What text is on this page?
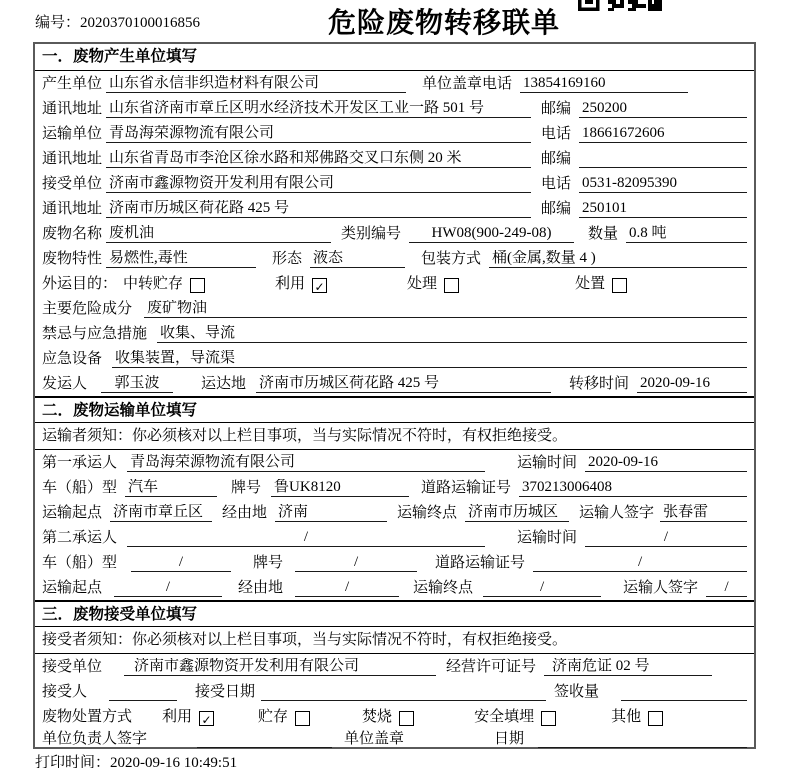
编号：2020370100016856	危险废物转移联单
一．废物产生单位填写
产生单位 山东省永信非织造材料有限公司	单位盖章 电话 13854169160
通讯地址 山东省济南市章丘区明水经济技术开发区工业一路 501 号	邮编 250200
运输单位 青岛海荣源物流有限公司	电话 18661672606
通讯地址 山东省青岛市李沧区徐水路和郑佛路交叉口东侧 20 米	邮编
接受单位 济南市鑫源物资开发利用有限公司	电话 0531-82095390
通讯地址 济南市历城区荷花路 425 号	邮编 250101
废物名称 废机油	类别编号	HW08(900-249-08)	数量 0.8 吨
废物特性 易燃性,毒性	形态 液态	包装方式 桶(金属,数量 4 )
外运目的： 中转贮存	利用 ✓	处理	处置
主要危险成分 废矿物油
禁忌与应急措施 收集、导流
应急设备 收集装置，导流渠
发运人	郭玉波	运达地 济南市历城区荷花路 425 号	转移时间 2020-09-16
二．废物运输单位填写
运输者须知：你必须核对以上栏目事项，当与实际情况不符时，有权拒绝接受。
第一承运人 青岛海荣源物流有限公司	运输时间 2020-09-16
车（船）型 汽车	牌号 鲁UK8120	道路运输证号 370213006408
运输起点 济南市章丘区	经由地 济南	运输终点 济南市历城区	运输人签字 张春雷
第二承运人	/	运输时间	/
车（船）型	/	牌号	/	道路运输证号	/
运输起点	/	经由地	/	运输终点	/	运输人签字	/
三．废物接受单位填写
接受者须知：你必须核对以上栏目事项，当与实际情况不符时，有权拒绝接受。
接受单位	济南市鑫源物资开发利用有限公司	经营许可证号	济南危证 02 号
接受人	接受日期	签收量
废物处置方式 利用 ✓	贮存	焚烧	安全填埋	其他
单位负责人签字	单位盖章	日期
打印时间：2020-09-16 10:49:51
